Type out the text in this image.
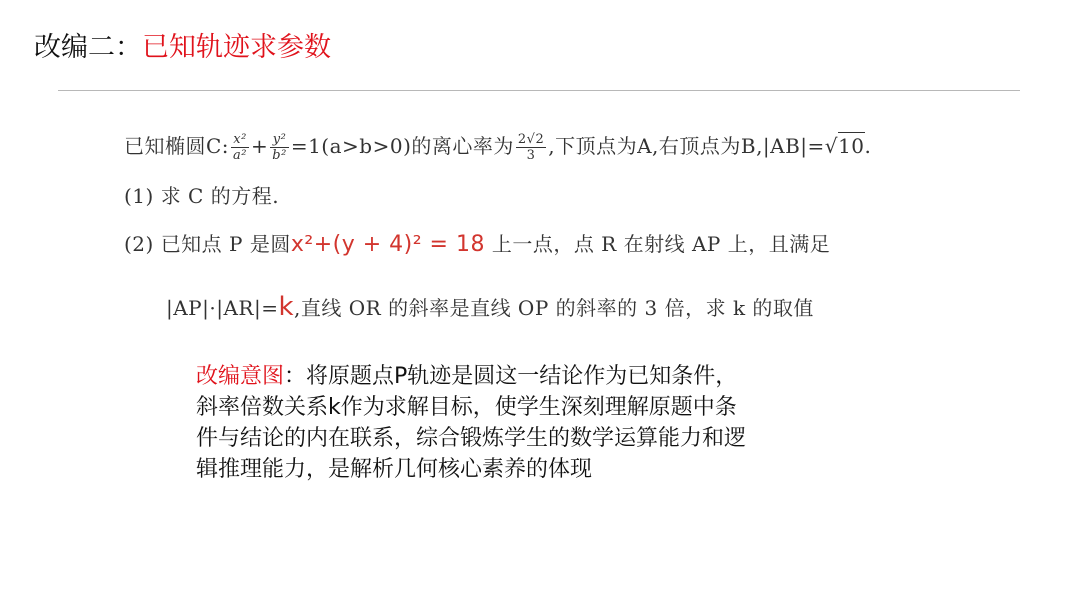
改编二：已知轨迹求参数
已知椭圆C: $\frac{\text{x²}}{\text{a²}} + \frac{\text{y²}}{\text{b²}} =1(a>b>0)$的离心率为 $\frac{2√2}{3}$ ,下顶点为A,右顶点为B,|AB|=√10.
(1) 求 C 的方程.
(2) 已知点 P 是圆x²+(y + 4)² = 18 上一点，点 R 在射线 AP 上，且满足
|AP|·|AR|=k,直线 OR 的斜率是直线 OP 的斜率的 3 倍，求 k 的取值
改编意图：将原题点P轨迹是圆这一结论作为已知条件，
斜率倍数关系k作为求解目标，使学生深刻理解原题中条
件与结论的内在联系，综合锻炼学生的数学运算能力和逻
辑推理能力，是解析几何核心素养的体现
